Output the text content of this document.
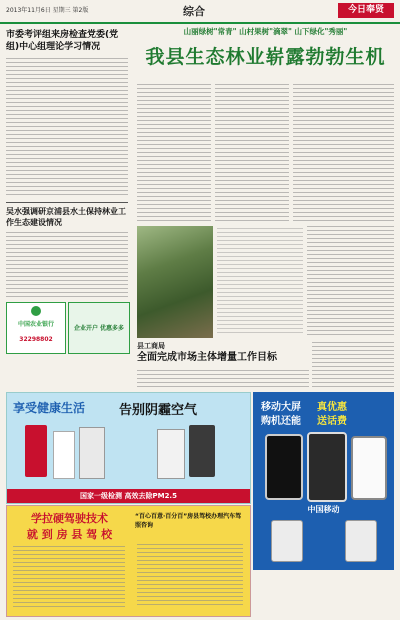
2013年11月6日 星期三 第2版	综合	今日奉贤
市委考评组来房检查党委(党组)中心组理论学习情况
吴水强调研京浦县水土保持林业工作生态建设情况
中国农业银行
32298802
企业开户 优惠多多
山丽绿树"常青" 山村果树"滴翠" 山下绿化"秀丽"
我县生态林业崭露勃勃生机
县工商局
全面完成市场主体增量工作目标
享受健康生活	告别阴霾空气
国家一级检测 高效去除PM2.5
移动大屏 真优惠
购机还能 送话费
中国移动
学拉硬驾驶技术
就 到 房 县 驾 校
“百心百意·百分百”房县驾校办理汽车驾照咨询
